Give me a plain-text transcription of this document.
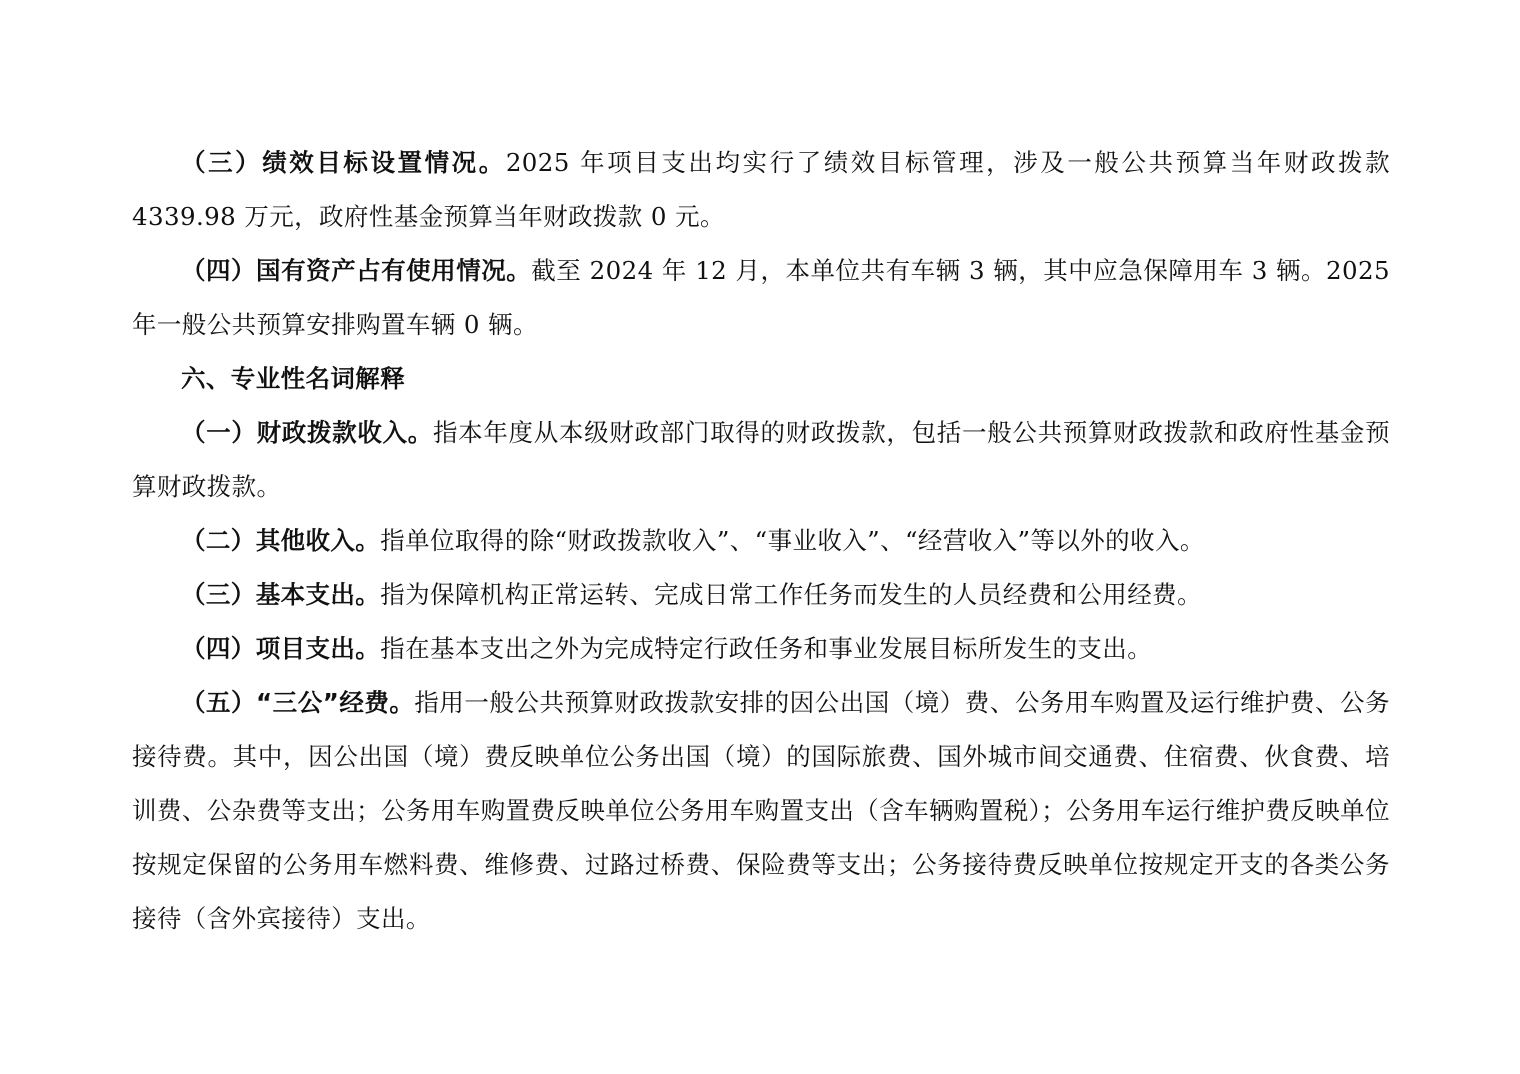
（三）绩效目标设置情况。2025 年项目支出均实行了绩效目标管理，涉及一般公共预算当年财政拨款 4339.98 万元，政府性基金预算当年财政拨款 0 元。

（四）国有资产占有使用情况。截至 2024 年 12 月，本单位共有车辆 3 辆，其中应急保障用车 3 辆。2025 年一般公共预算安排购置车辆 0 辆。

六、专业性名词解释

（一）财政拨款收入。指本年度从本级财政部门取得的财政拨款，包括一般公共预算财政拨款和政府性基金预算财政拨款。

（二）其他收入。指单位取得的除“财政拨款收入”、“事业收入”、“经营收入”等以外的收入。

（三）基本支出。指为保障机构正常运转、完成日常工作任务而发生的人员经费和公用经费。

（四）项目支出。指在基本支出之外为完成特定行政任务和事业发展目标所发生的支出。

（五）“三公”经费。指用一般公共预算财政拨款安排的因公出国（境）费、公务用车购置及运行维护费、公务接待费。其中，因公出国（境）费反映单位公务出国（境）的国际旅费、国外城市间交通费、住宿费、伙食费、培训费、公杂费等支出；公务用车购置费反映单位公务用车购置支出（含车辆购置税）；公务用车运行维护费反映单位按规定保留的公务用车燃料费、维修费、过路过桥费、保险费等支出；公务接待费反映单位按规定开支的各类公务接待（含外宾接待）支出。
